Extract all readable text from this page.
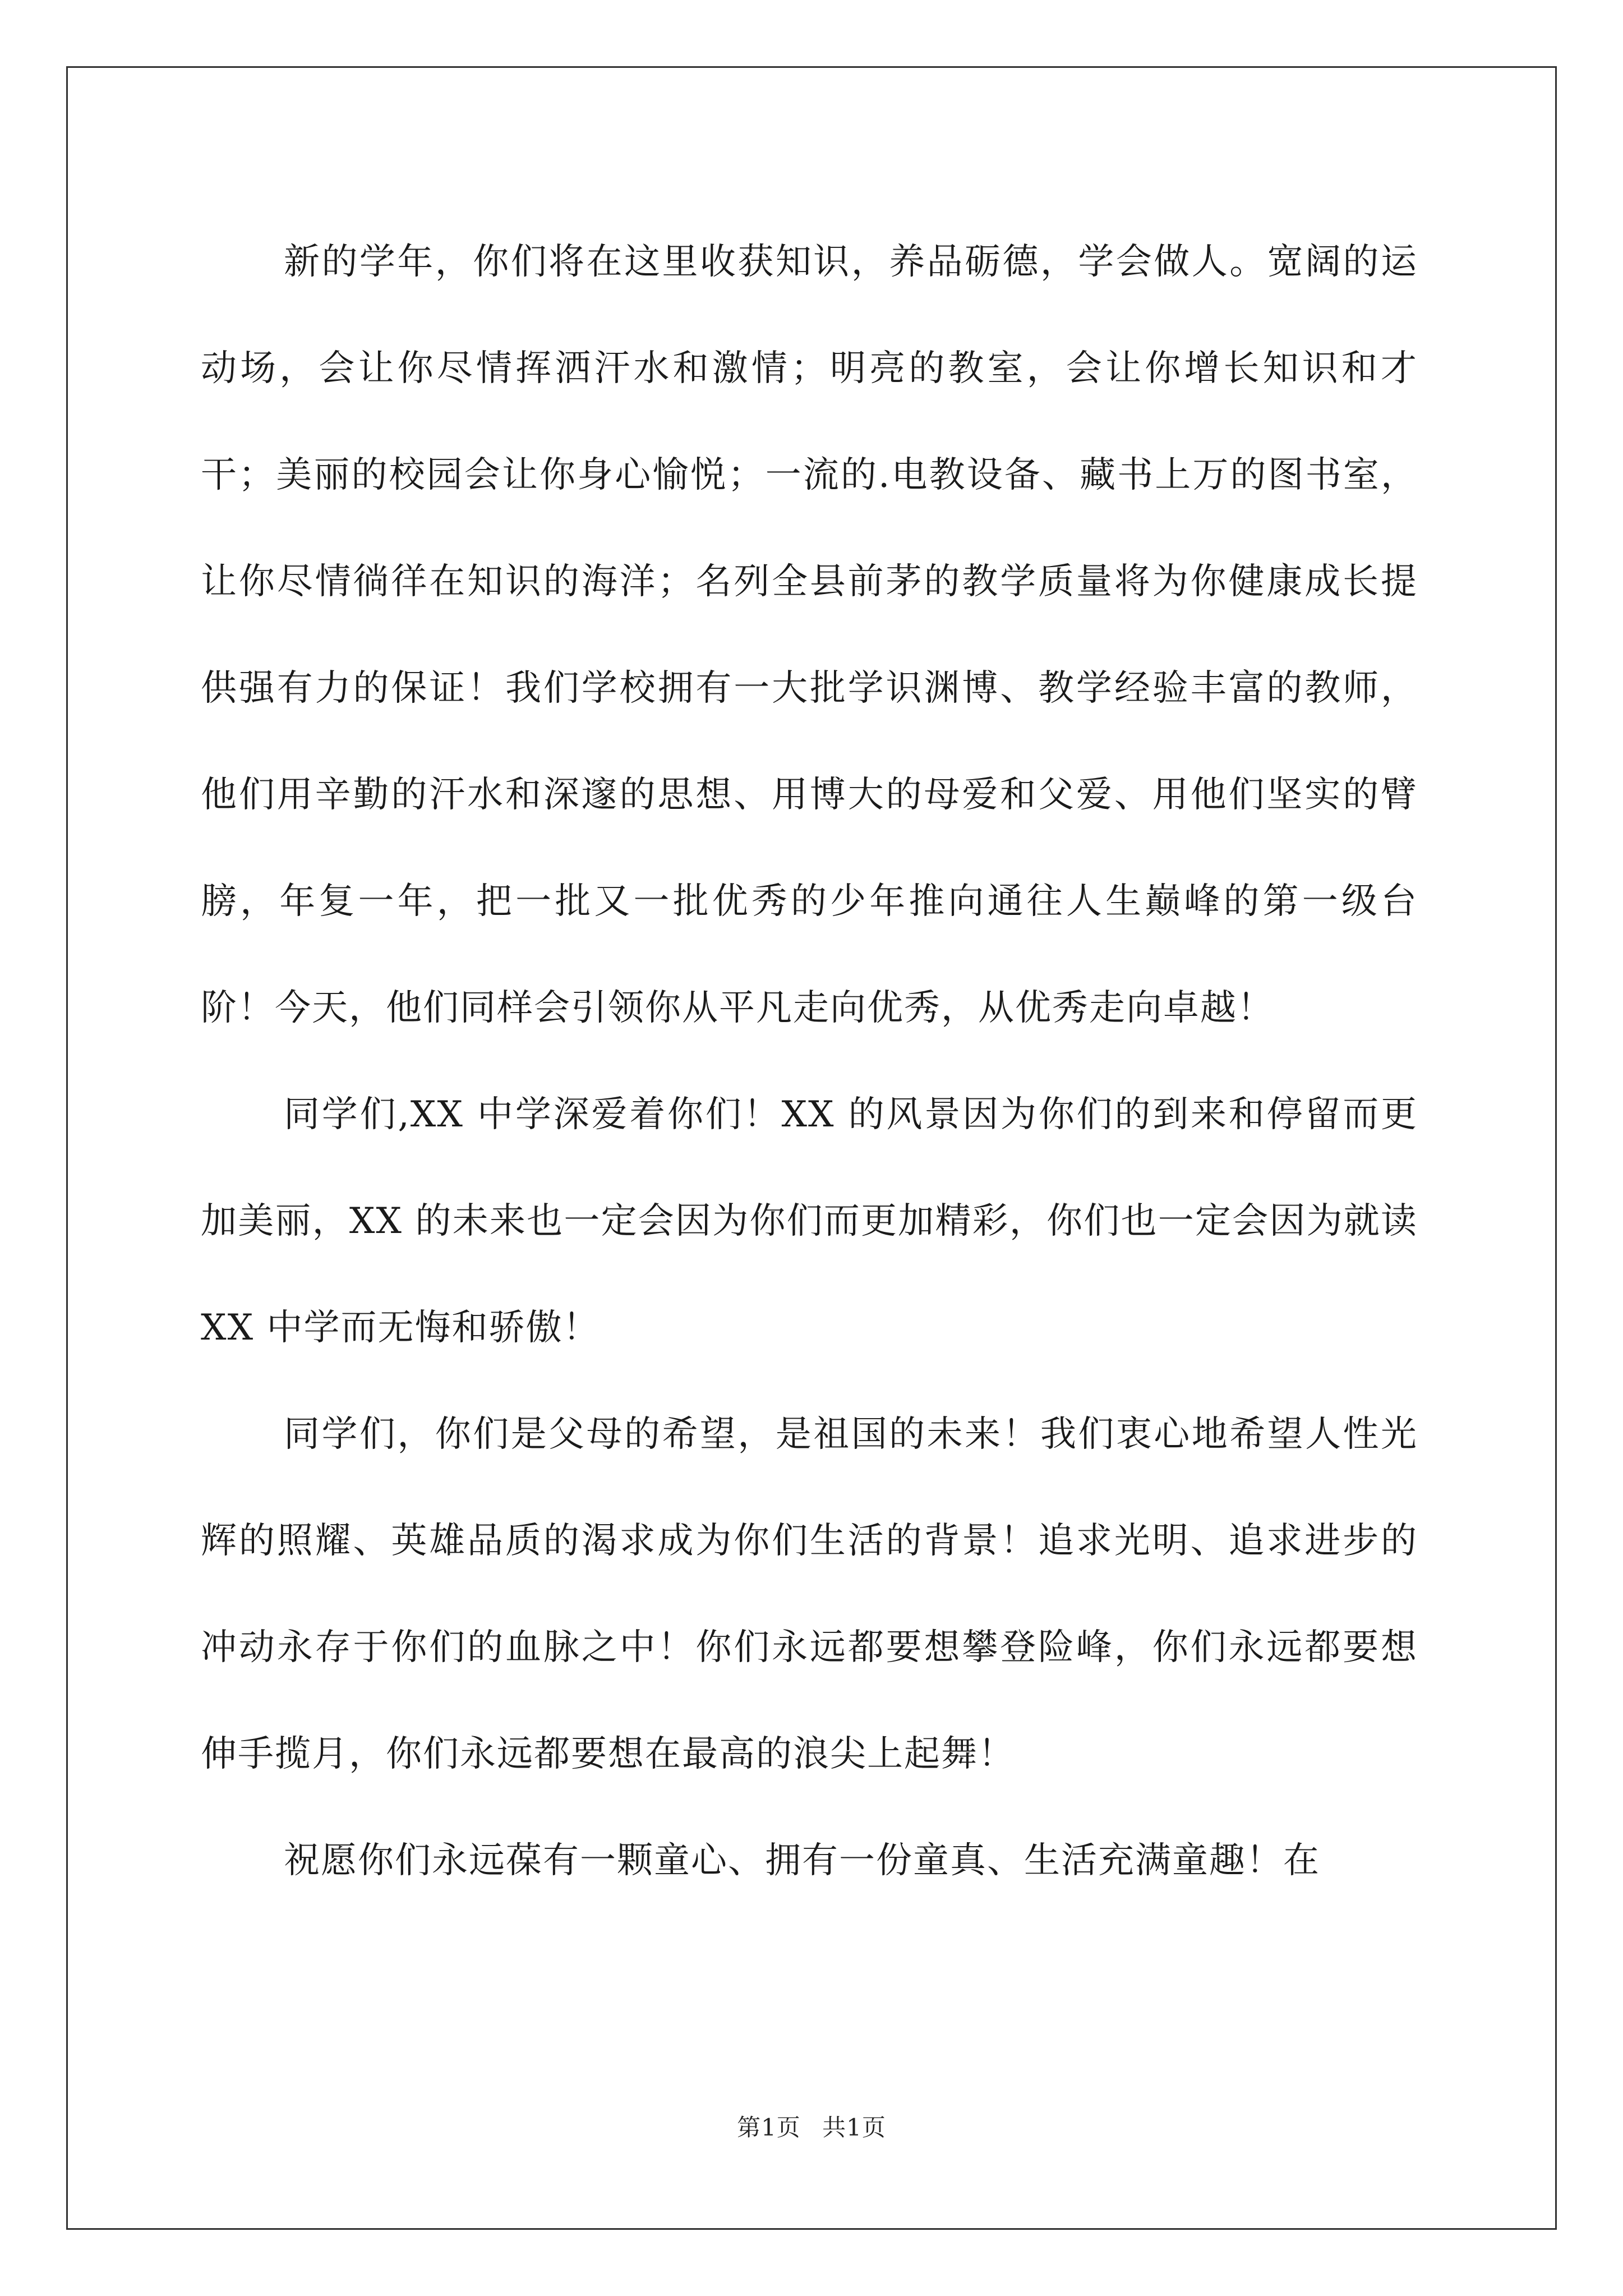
新的学年，你们将在这里收获知识，养品砺德，学会做人。宽阔的运动场，会让你尽情挥洒汗水和激情；明亮的教室，会让你增长知识和才干；美丽的校园会让你身心愉悦；一流的.电教设备、藏书上万的图书室，让你尽情徜徉在知识的海洋；名列全县前茅的教学质量将为你健康成长提供强有力的保证！我们学校拥有一大批学识渊博、教学经验丰富的教师，他们用辛勤的汗水和深邃的思想、用博大的母爱和父爱、用他们坚实的臂膀，年复一年，把一批又一批优秀的少年推向通往人生巅峰的第一级台阶！今天，他们同样会引领你从平凡走向优秀，从优秀走向卓越！

同学们,XX 中学深爱着你们！XX 的风景因为你们的到来和停留而更加美丽，XX 的未来也一定会因为你们而更加精彩，你们也一定会因为就读 XX 中学而无悔和骄傲！

同学们，你们是父母的希望，是祖国的未来！我们衷心地希望人性光辉的照耀、英雄品质的渴求成为你们生活的背景！追求光明、追求进步的冲动永存于你们的血脉之中！你们永远都要想攀登险峰，你们永远都要想伸手揽月，你们永远都要想在最高的浪尖上起舞！

祝愿你们永远葆有一颗童心、拥有一份童真、生活充满童趣！在

第1页 共1页
